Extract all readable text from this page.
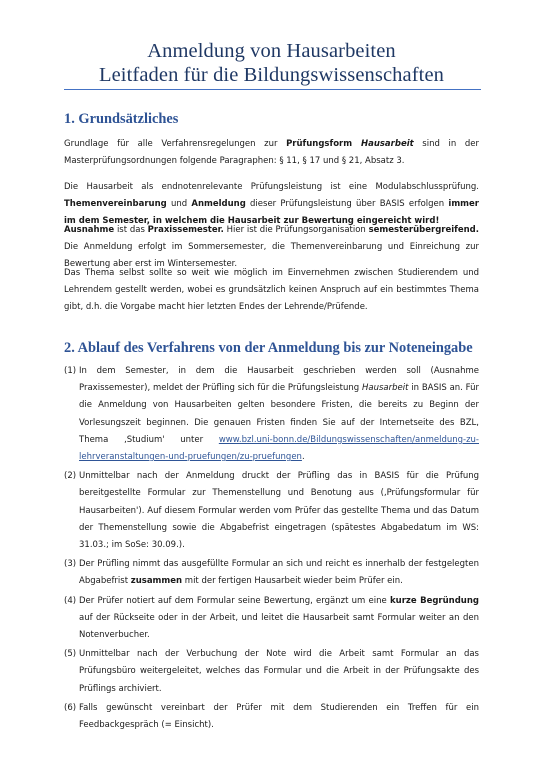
Anmeldung von Hausarbeiten
Leitfaden für die Bildungswissenschaften
1. Grundsätzliches

Grundlage für alle Verfahrensregelungen zur Prüfungsform Hausarbeit sind in der Masterprüfungsordnungen folgende Paragraphen: § 11, § 17 und § 21, Absatz 3.

Die Hausarbeit als endnotenrelevante Prüfungsleistung ist eine Modulabschlussprüfung. Themenvereinbarung und Anmeldung dieser Prüfungsleistung über BASIS erfolgen immer im dem Semester, in welchem die Hausarbeit zur Bewertung eingereicht wird!

Ausnahme ist das Praxissemester. Hier ist die Prüfungsorganisation semesterübergreifend. Die Anmeldung erfolgt im Sommersemester, die Themenvereinbarung und Einreichung zur Bewertung aber erst im Wintersemester.

Das Thema selbst sollte so weit wie möglich im Einvernehmen zwischen Studierendem und Lehrendem gestellt werden, wobei es grundsätzlich keinen Anspruch auf ein bestimmtes Thema gibt, d.h. die Vorgabe macht hier letzten Endes der Lehrende/Prüfende.

2. Ablauf des Verfahrens von der Anmeldung bis zur Noteneingabe
(1) In dem Semester, in dem die Hausarbeit geschrieben werden soll (Ausnahme Praxissemester), meldet der Prüfling sich für die Prüfungsleistung Hausarbeit in BASIS an. Für die Anmeldung von Hausarbeiten gelten besondere Fristen, die bereits zu Beginn der Vorlesungszeit beginnen. Die genauen Fristen finden Sie auf der Internetseite des BZL, Thema ‚Studium' unter www.bzl.uni-bonn.de/Bildungswissenschaften/anmeldung-zu-lehrveranstaltungen-und-pruefungen/zu-pruefungen.
(2) Unmittelbar nach der Anmeldung druckt der Prüfling das in BASIS für die Prüfung bereitgestellte Formular zur Themenstellung und Benotung aus (‚Prüfungsformular für Hausarbeiten'). Auf diesem Formular werden vom Prüfer das gestellte Thema und das Datum der Themenstellung sowie die Abgabefrist eingetragen (spätestes Abgabedatum im WS: 31.03.; im SoSe: 30.09.).
(3) Der Prüfling nimmt das ausgefüllte Formular an sich und reicht es innerhalb der festgelegten Abgabefrist zusammen mit der fertigen Hausarbeit wieder beim Prüfer ein.
(4) Der Prüfer notiert auf dem Formular seine Bewertung, ergänzt um eine kurze Begründung auf der Rückseite oder in der Arbeit, und leitet die Hausarbeit samt Formular weiter an den Notenverbucher.
(5) Unmittelbar nach der Verbuchung der Note wird die Arbeit samt Formular an das Prüfungsbüro weitergeleitet, welches das Formular und die Arbeit in der Prüfungsakte des Prüflings archiviert.
(6) Falls gewünscht vereinbart der Prüfer mit dem Studierenden ein Treffen für ein Feedbackgespräch (= Einsicht).
